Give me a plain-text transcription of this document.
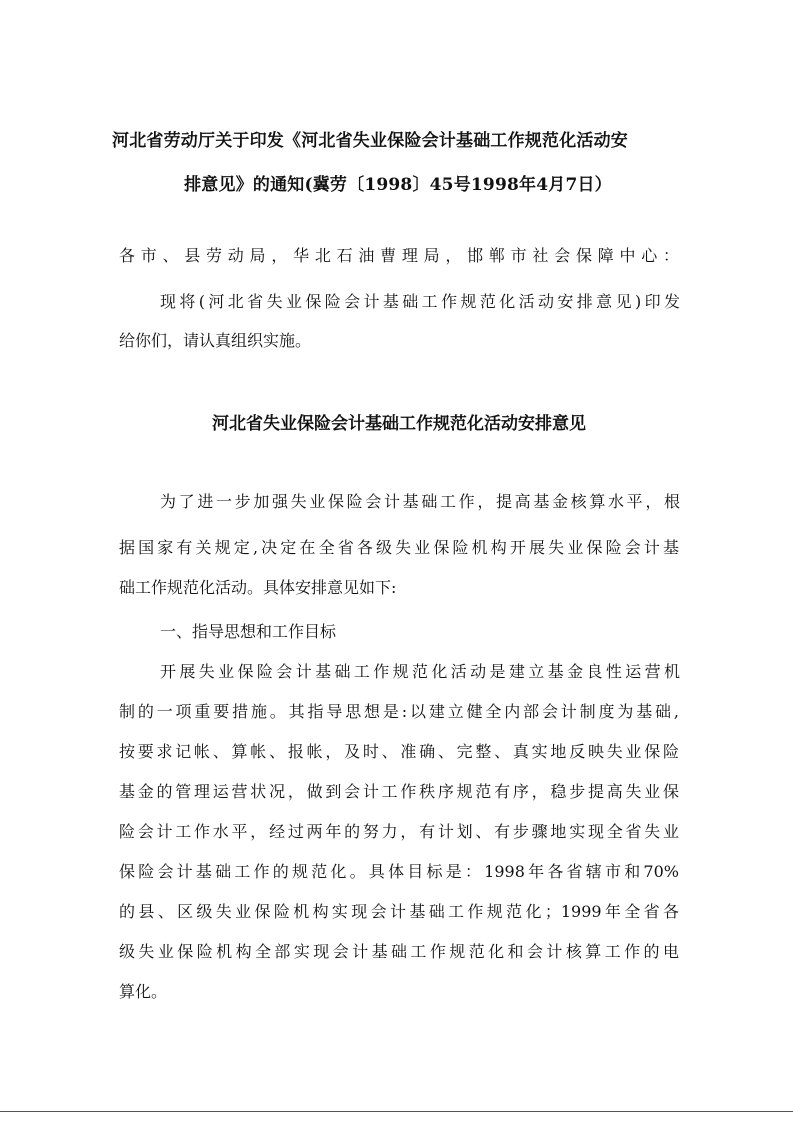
河北省劳动厅关于印发《河北省失业保险会计基础工作规范化活动安
排意见》的通知(冀劳〔1998〕45号1998年4月7日）
各市、县劳动局，华北石油曹理局，邯郸市社会保障中心：
现将(河北省失业保险会计基础工作规范化活动安排意见)印发
给你们，请认真组织实施。
河北省失业保险会计基础工作规范化活动安排意见
为了进一步加强失业保险会计基础工作，提高基金核算水平，根
据国家有关规定,决定在全省各级失业保险机构开展失业保险会计基
础工作规范化活动。具体安排意见如下:
一、指导思想和工作目标
开展失业保险会计基础工作规范化活动是建立基金良性运营机
制的一项重要措施。其指导思想是:以建立健全内部会计制度为基础,
按要求记帐、算帐、报帐，及时、准确、完整、真实地反映失业保险
基金的管理运营状况，做到会计工作秩序规范有序，稳步提高失业保
险会计工作水平，经过两年的努力，有计划、有步骤地实现全省失业
保险会计基础工作的规范化。具体目标是：1998年各省辖市和70%
的县、区级失业保险机构实现会计基础工作规范化；1999年全省各
级失业保险机构全部实现会计基础工作规范化和会计核算工作的电
算化。
